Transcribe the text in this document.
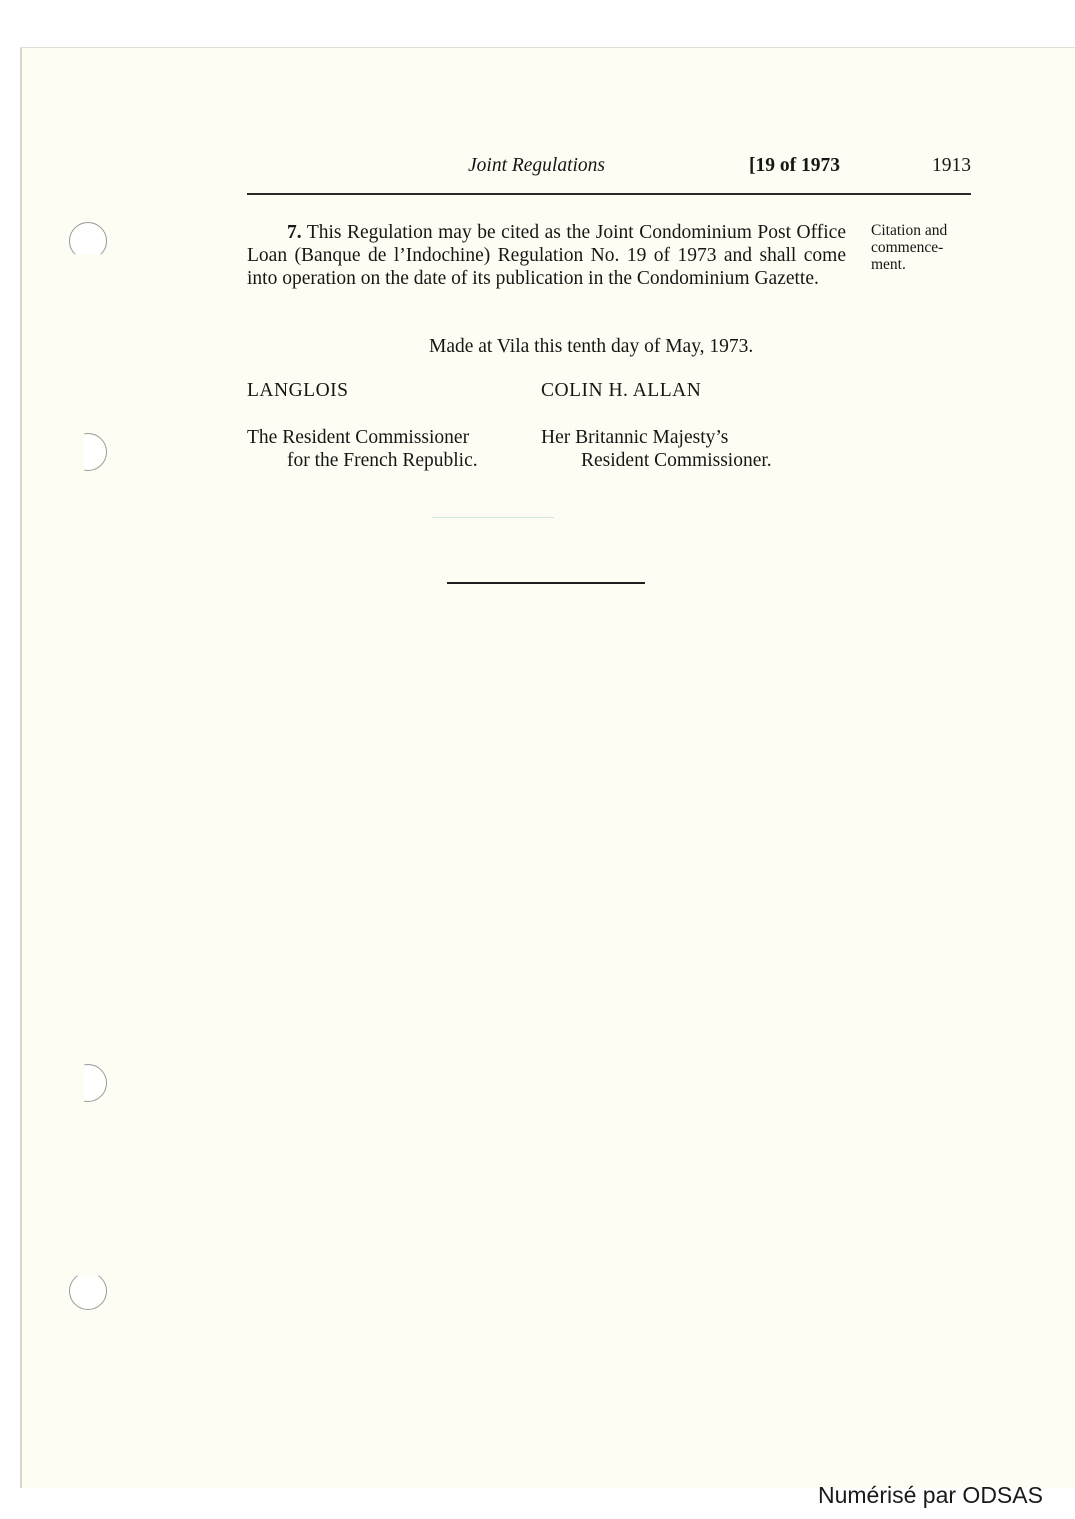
Joint Regulations	[19 of 1973	1913

7. This Regulation may be cited as the Joint Condominium Post Office Loan (Banque de l’Indochine) Regulation No. 19 of 1973 and shall come into operation on the date of its publication in the Condominium Gazette.

Citation and
commence-
ment.
Made at Vila this tenth day of May, 1973.
LANGLOIS	COLIN H. ALLAN
The Resident Commissioner
for the French Republic.
Her Britannic Majesty’s
Resident Commissioner.
Numérisé par ODSAS
